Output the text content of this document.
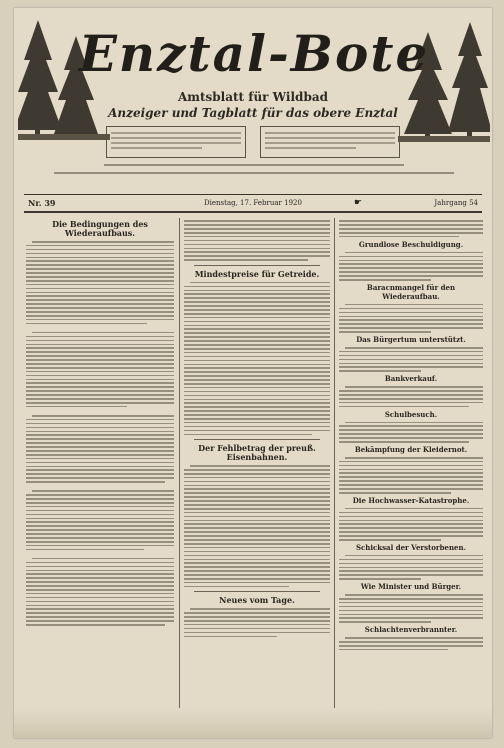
Enztal-Bote
Amtsblatt für Wildbad
Anzeiger und Tagblatt für das obere Enztal
Nr. 39	Dienstag, 17. Februar 1920	☛	Jahrgang 54
Die Bedingungen des Wiederaufbaus.
Mindestpreise für Getreide.
Der Fehlbetrag der preuß. Eisenbahnen.
Neues vom Tage.
Grundlose Beschuldigung.
Baracnmangel für den Wiederaufbau.
Das Bürgertum unterstützt.
Bankverkauf.
Schulbesuch.
Bekämpfung der Kleidernot.
Die Hochwasser-Katastrophe.
Schicksal der Verstorbenen.
Wie Minister und Bürger.
Schlachtenverbrannter.
